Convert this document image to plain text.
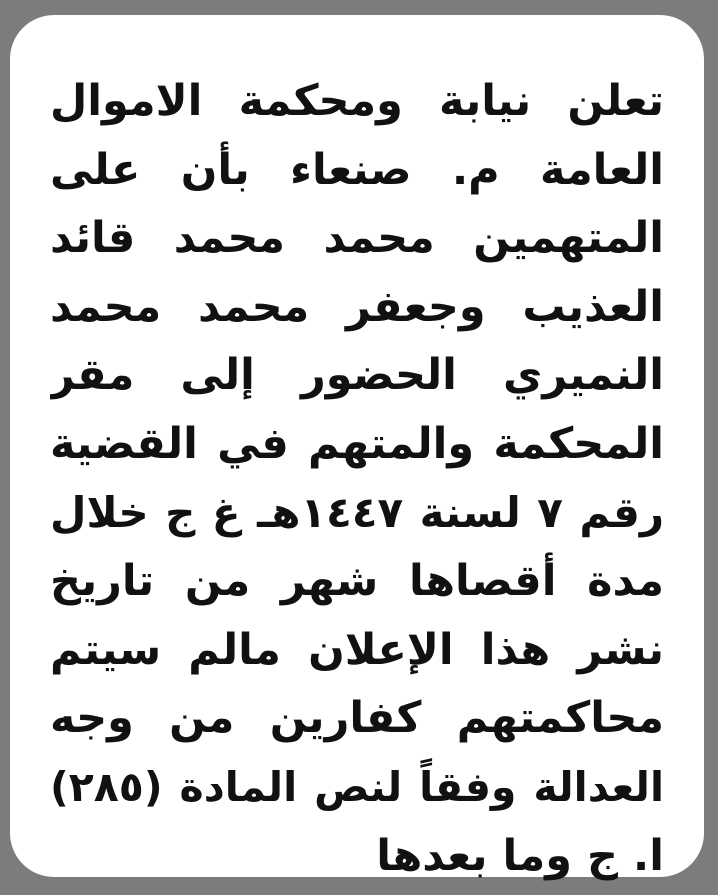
تعلن نيابة ومحكمة الاموال
العامة م. صنعاء بأن على
المتهمين محمد محمد قائد
العذيب وجعفر محمد محمد
النميري الحضور إلى مقر
المحكمة والمتهم في القضية
رقم ٧ لسنة ١٤٤٧هـ غ ج خلال
مدة أقصاها شهر من تاريخ
نشر هذا الإعلان مالم سيتم
محاكمتهم كفارين من وجه
العدالة وفقاً لنص المادة (٢٨٥)
ا. ج وما بعدها
